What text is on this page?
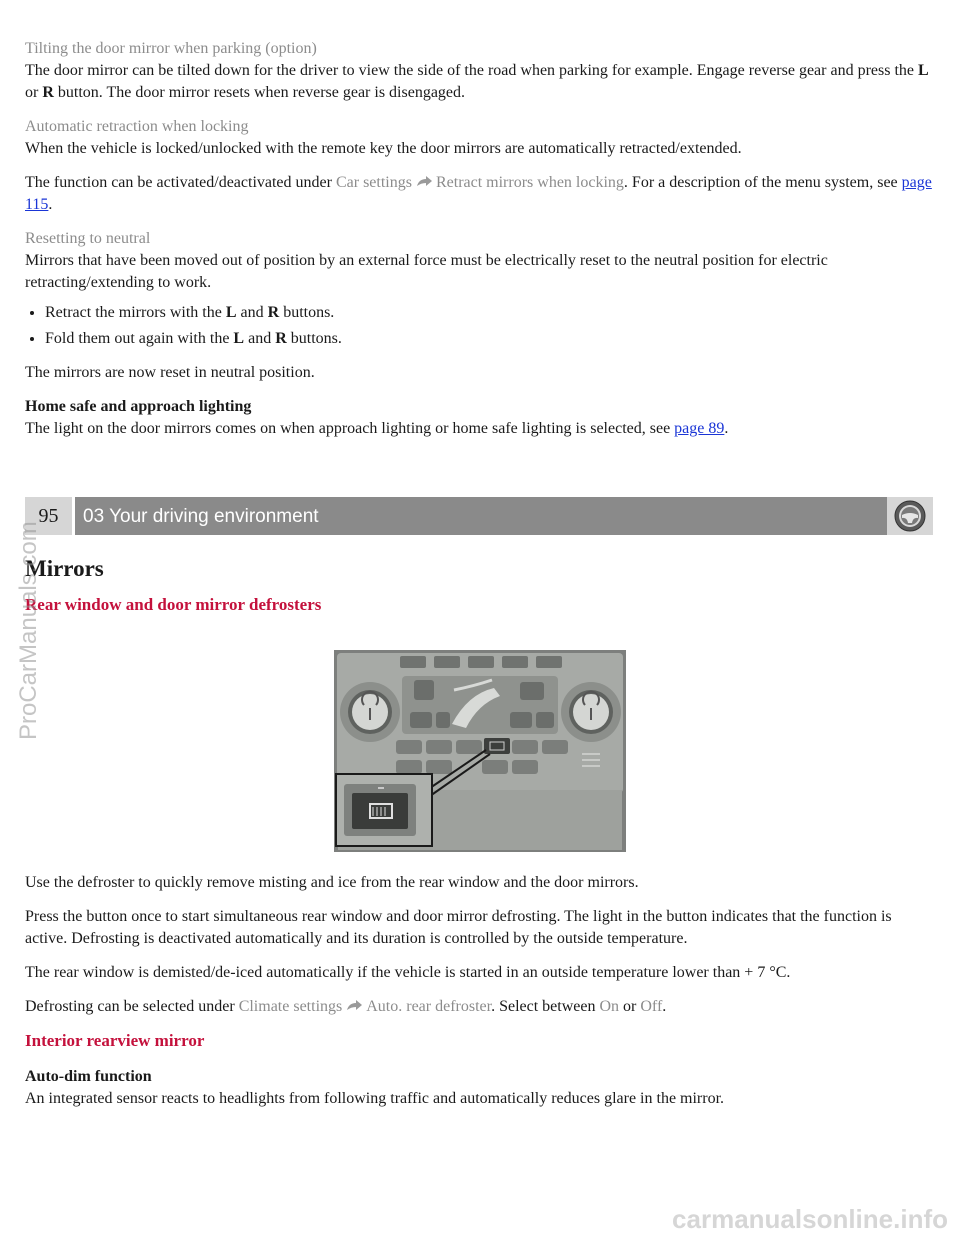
Tilting the door mirror when parking (option)

The door mirror can be tilted down for the driver to view the side of the road when parking for example. Engage reverse gear and press the L or R button. The door mirror resets when reverse gear is disengaged.

Automatic retraction when locking

When the vehicle is locked/unlocked with the remote key the door mirrors are automatically retracted/extended.

The function can be activated/deactivated under Car settings Retract mirrors when locking. For a description of the menu system, see page 115.

Resetting to neutral

Mirrors that have been moved out of position by an external force must be electrically reset to the neutral position for electric retracting/extending to work.

• Retract the mirrors with the L and R buttons.
• Fold them out again with the L and R buttons.

The mirrors are now reset in neutral position.

Home safe and approach lighting

The light on the door mirrors comes on when approach lighting or home safe lighting is selected, see page 89.

95	03 Your driving environment
Mirrors
Rear window and door mirror defrosters

Use the defroster to quickly remove misting and ice from the rear window and the door mirrors.

Press the button once to start simultaneous rear window and door mirror defrosting. The light in the button indicates that the function is active. Defrosting is deactivated automatically and its duration is controlled by the outside temperature.

The rear window is demisted/de-iced automatically if the vehicle is started in an outside temperature lower than + 7 °C.

Defrosting can be selected under Climate settings Auto. rear defroster. Select between On or Off.

Interior rearview mirror
Auto-dim function

An integrated sensor reacts to headlights from following traffic and automatically reduces glare in the mirror.

ProCarManuals.com
carmanualsonline.info
